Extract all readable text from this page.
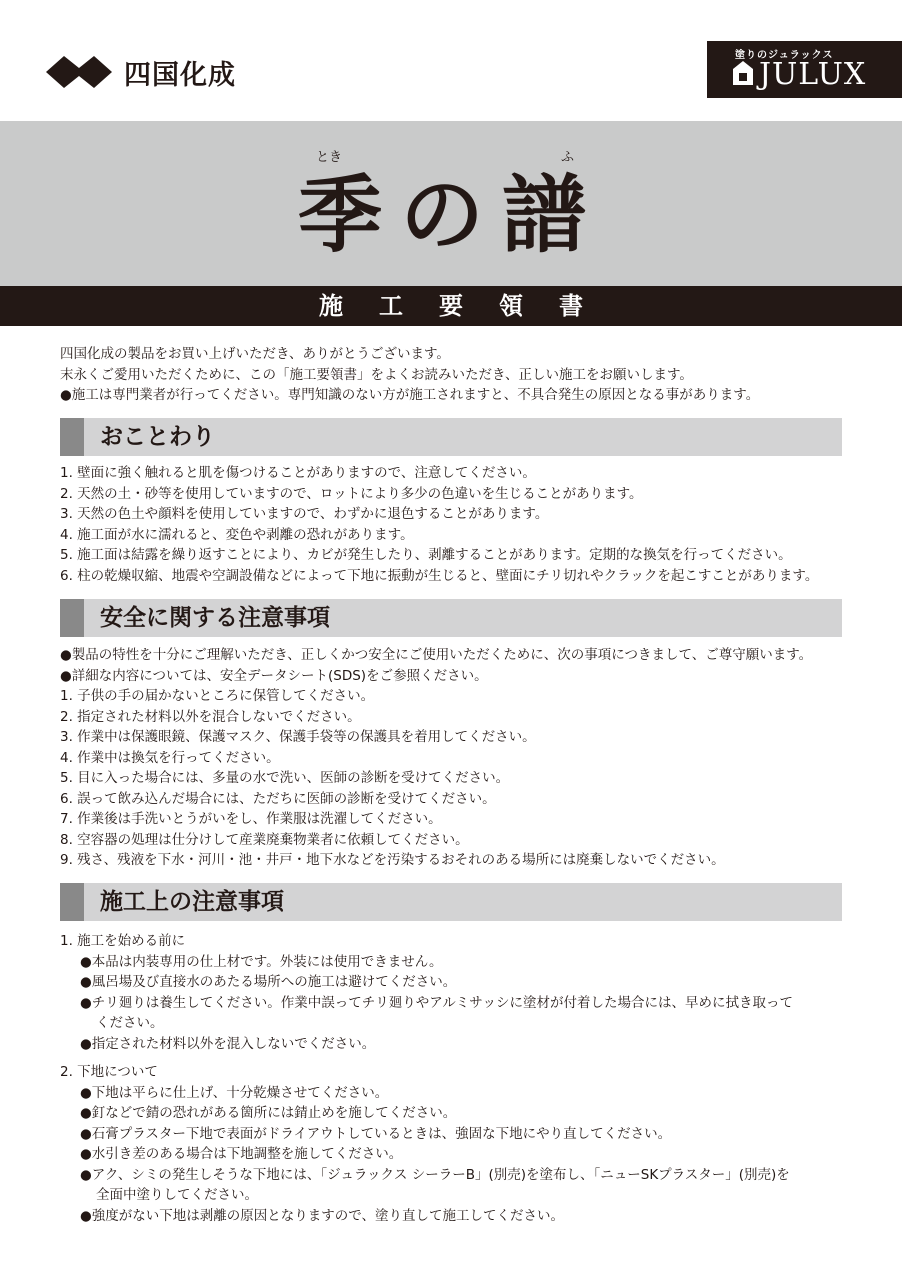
四国化成
塗りのジュラックス
JULUX
とき	ふ
季の譜
施工要領書
四国化成の製品をお買い上げいただき、ありがとうございます。
末永くご愛用いただくために、この「施工要領書」をよくお読みいただき、正しい施工をお願いします。
●施工は専門業者が行ってください。専門知識のない方が施工されますと、不具合発生の原因となる事があります。
おことわり
1. 壁面に強く触れると肌を傷つけることがありますので、注意してください。
2. 天然の土・砂等を使用していますので、ロットにより多少の色違いを生じることがあります。
3. 天然の色土や顔料を使用していますので、わずかに退色することがあります。
4. 施工面が水に濡れると、変色や剥離の恐れがあります。
5. 施工面は結露を繰り返すことにより、カビが発生したり、剥離することがあります。定期的な換気を行ってください。
6. 柱の乾燥収縮、地震や空調設備などによって下地に振動が生じると、壁面にチリ切れやクラックを起こすことがあります。
安全に関する注意事項
●製品の特性を十分にご理解いただき、正しくかつ安全にご使用いただくために、次の事項につきまして、ご尊守願います。
●詳細な内容については、安全データシート(SDS)をご参照ください。
1. 子供の手の届かないところに保管してください。
2. 指定された材料以外を混合しないでください。
3. 作業中は保護眼鏡、保護マスク、保護手袋等の保護具を着用してください。
4. 作業中は換気を行ってください。
5. 目に入った場合には、多量の水で洗い、医師の診断を受けてください。
6. 誤って飲み込んだ場合には、ただちに医師の診断を受けてください。
7. 作業後は手洗いとうがいをし、作業服は洗濯してください。
8. 空容器の処理は仕分けして産業廃棄物業者に依頼してください。
9. 残さ、残液を下水・河川・池・井戸・地下水などを汚染するおそれのある場所には廃棄しないでください。
施工上の注意事項
1. 施工を始める前に
●本品は内装専用の仕上材です。外装には使用できません。
●風呂場及び直接水のあたる場所への施工は避けてください。
●チリ廻りは養生してください。作業中誤ってチリ廻りやアルミサッシに塗材が付着した場合には、早めに拭き取って
ください。
●指定された材料以外を混入しないでください。
2. 下地について
●下地は平らに仕上げ、十分乾燥させてください。
●釘などで錆の恐れがある箇所には錆止めを施してください。
●石膏プラスター下地で表面がドライアウトしているときは、強固な下地にやり直してください。
●水引き差のある場合は下地調整を施してください。
●アク、シミの発生しそうな下地には、「ジュラックス シーラーB」(別売)を塗布し、「ニューSKプラスター」(別売)を
全面中塗りしてください。
●強度がない下地は剥離の原因となりますので、塗り直して施工してください。
